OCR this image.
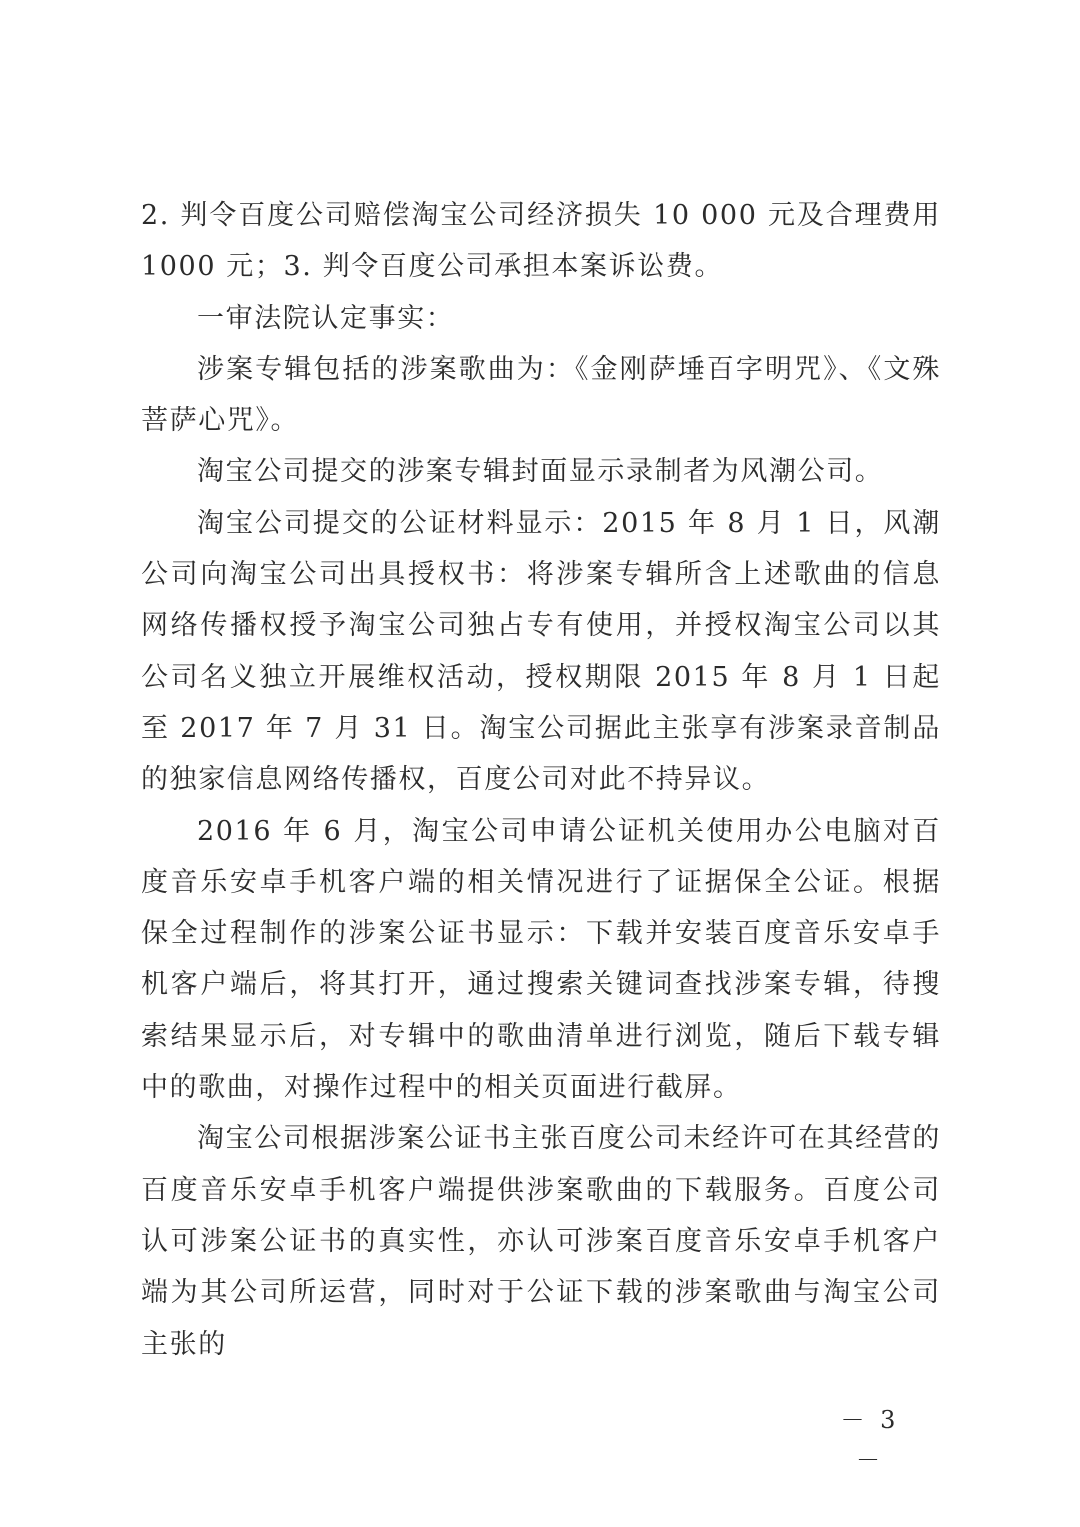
2. 判令百度公司赔偿淘宝公司经济损失 10 000 元及合理费用 1000 元；3. 判令百度公司承担本案诉讼费。

一审法院认定事实：

涉案专辑包括的涉案歌曲为：《金刚萨埵百字明咒》、《文殊菩萨心咒》。

淘宝公司提交的涉案专辑封面显示录制者为风潮公司。

淘宝公司提交的公证材料显示：2015 年 8 月 1 日，风潮公司向淘宝公司出具授权书：将涉案专辑所含上述歌曲的信息网络传播权授予淘宝公司独占专有使用，并授权淘宝公司以其公司名义独立开展维权活动，授权期限 2015 年 8 月 1 日起至 2017 年 7 月 31 日。淘宝公司据此主张享有涉案录音制品的独家信息网络传播权，百度公司对此不持异议。

2016 年 6 月，淘宝公司申请公证机关使用办公电脑对百度音乐安卓手机客户端的相关情况进行了证据保全公证。根据保全过程制作的涉案公证书显示：下载并安装百度音乐安卓手机客户端后，将其打开，通过搜索关键词查找涉案专辑，待搜索结果显示后，对专辑中的歌曲清单进行浏览，随后下载专辑中的歌曲，对操作过程中的相关页面进行截屏。

淘宝公司根据涉案公证书主张百度公司未经许可在其经营的百度音乐安卓手机客户端提供涉案歌曲的下载服务。百度公司认可涉案公证书的真实性，亦认可涉案百度音乐安卓手机客户端为其公司所运营，同时对于公证下载的涉案歌曲与淘宝公司主张的

－ 3 －
